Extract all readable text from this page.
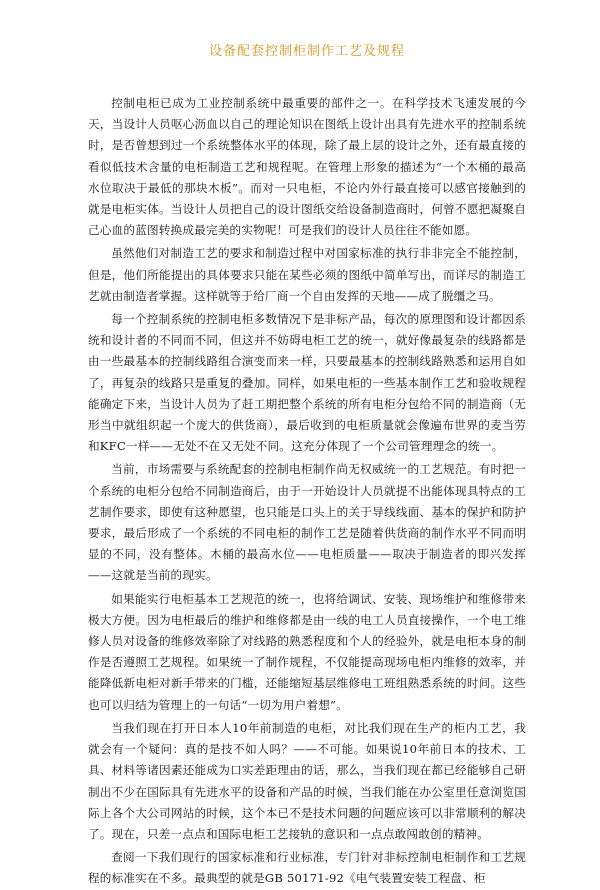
设备配套控制柜制作工艺及规程

控制电柜已成为工业控制系统中最重要的部件之一。在科学技术飞速发展的今天，当设计人员呕心沥血以自己的理论知识在图纸上设计出具有先进水平的控制系统时，是否曾想到过一个系统整体水平的体现，除了最上层的设计之外，还有最直接的看似低技术含量的电柜制造工艺和规程呢。在管理上形象的描述为“一个木桶的最高水位取决于最低的那块木板”。而对一只电柜，不论内外行最直接可以感官接触到的就是电柜实体。当设计人员把自己的设计图纸交给设备制造商时，何曾不愿把凝聚自己心血的蓝图转换成最完美的实物呢！可是我们的设计人员往往不能如愿。

虽然他们对制造工艺的要求和制造过程中对国家标准的执行非非完全不能控制，但是，他们所能提出的具体要求只能在某些必须的图纸中简单写出，而详尽的制造工艺就由制造者掌握。这样就等于给厂商一个自由发挥的天地——成了脱缰之马。

每一个控制系统的控制电柜多数情况下是非标产品，每次的原理图和设计都因系统和设计者的不同而不同，但这并不妨碍电柜工艺的统一，就好像最复杂的线路都是由一些最基本的控制线路组合演变而来一样，只要最基本的控制线路熟悉和运用自如了，再复杂的线路只是重复的叠加。同样，如果电柜的一些基本制作工艺和验收规程能确定下来，当设计人员为了赶工期把整个系统的所有电柜分包给不同的制造商（无形当中就组织起一个庞大的供货商），最后收到的电柜质量就会像遍布世界的麦当劳和KFC一样——无处不在又无处不同。这充分体现了一个公司管理理念的统一。

当前，市场需要与系统配套的控制电柜制作尚无权威统一的工艺规范。有时把一个系统的电柜分包给不同制造商后，由于一开始设计人员就提不出能体现具特点的工艺制作要求，即使有这种愿望，也只能是口头上的关于导线线面、基本的保护和防护要求，最后形成了一个系统的不同电柜的制作工艺是随着供货商的制作水平不同而明显的不同，没有整体。木桶的最高水位——电柜质量——取决于制造者的即兴发挥——这就是当前的现实。

如果能实行电柜基本工艺规范的统一，也将给调试、安装、现场维护和维修带来极大方便。因为电柜最后的维护和维修都是由一线的电工人员直接操作，一个电工维修人员对设备的维修效率除了对线路的熟悉程度和个人的经验外，就是电柜本身的制作是否遵照工艺规程。如果统一了制作规程，不仅能提高现场电柜内维修的效率，并能降低新电柜对新手带来的门槛，还能缩短基层维修电工班组熟悉系统的时间。这些也可以归结为管理上的一句话“一切为用户着想”。

当我们现在打开日本人10年前制造的电柜，对比我们现在生产的柜内工艺，我就会有一个疑问：真的是技不如人吗？——不可能。如果说10年前日本的技术、工具、材料等诸因素还能成为口实差距理由的话，那么，当我们现在都已经能够自己研制出不少在国际具有先进水平的设备和产品的时候，当我们能在办公室里任意浏览国际上各个大公司网站的时候，这个本已不是技术问题的问题应该可以非常顺利的解决了。现在，只差一点点和国际电柜工艺接轨的意识和一点点敢闯敢创的精神。

查阅一下我们现行的国家标准和行业标准，专门针对非标控制电柜制作和工艺规程的标准实在不多。最典型的就是GB 50171-92《电气装置安装工程盘、柜
